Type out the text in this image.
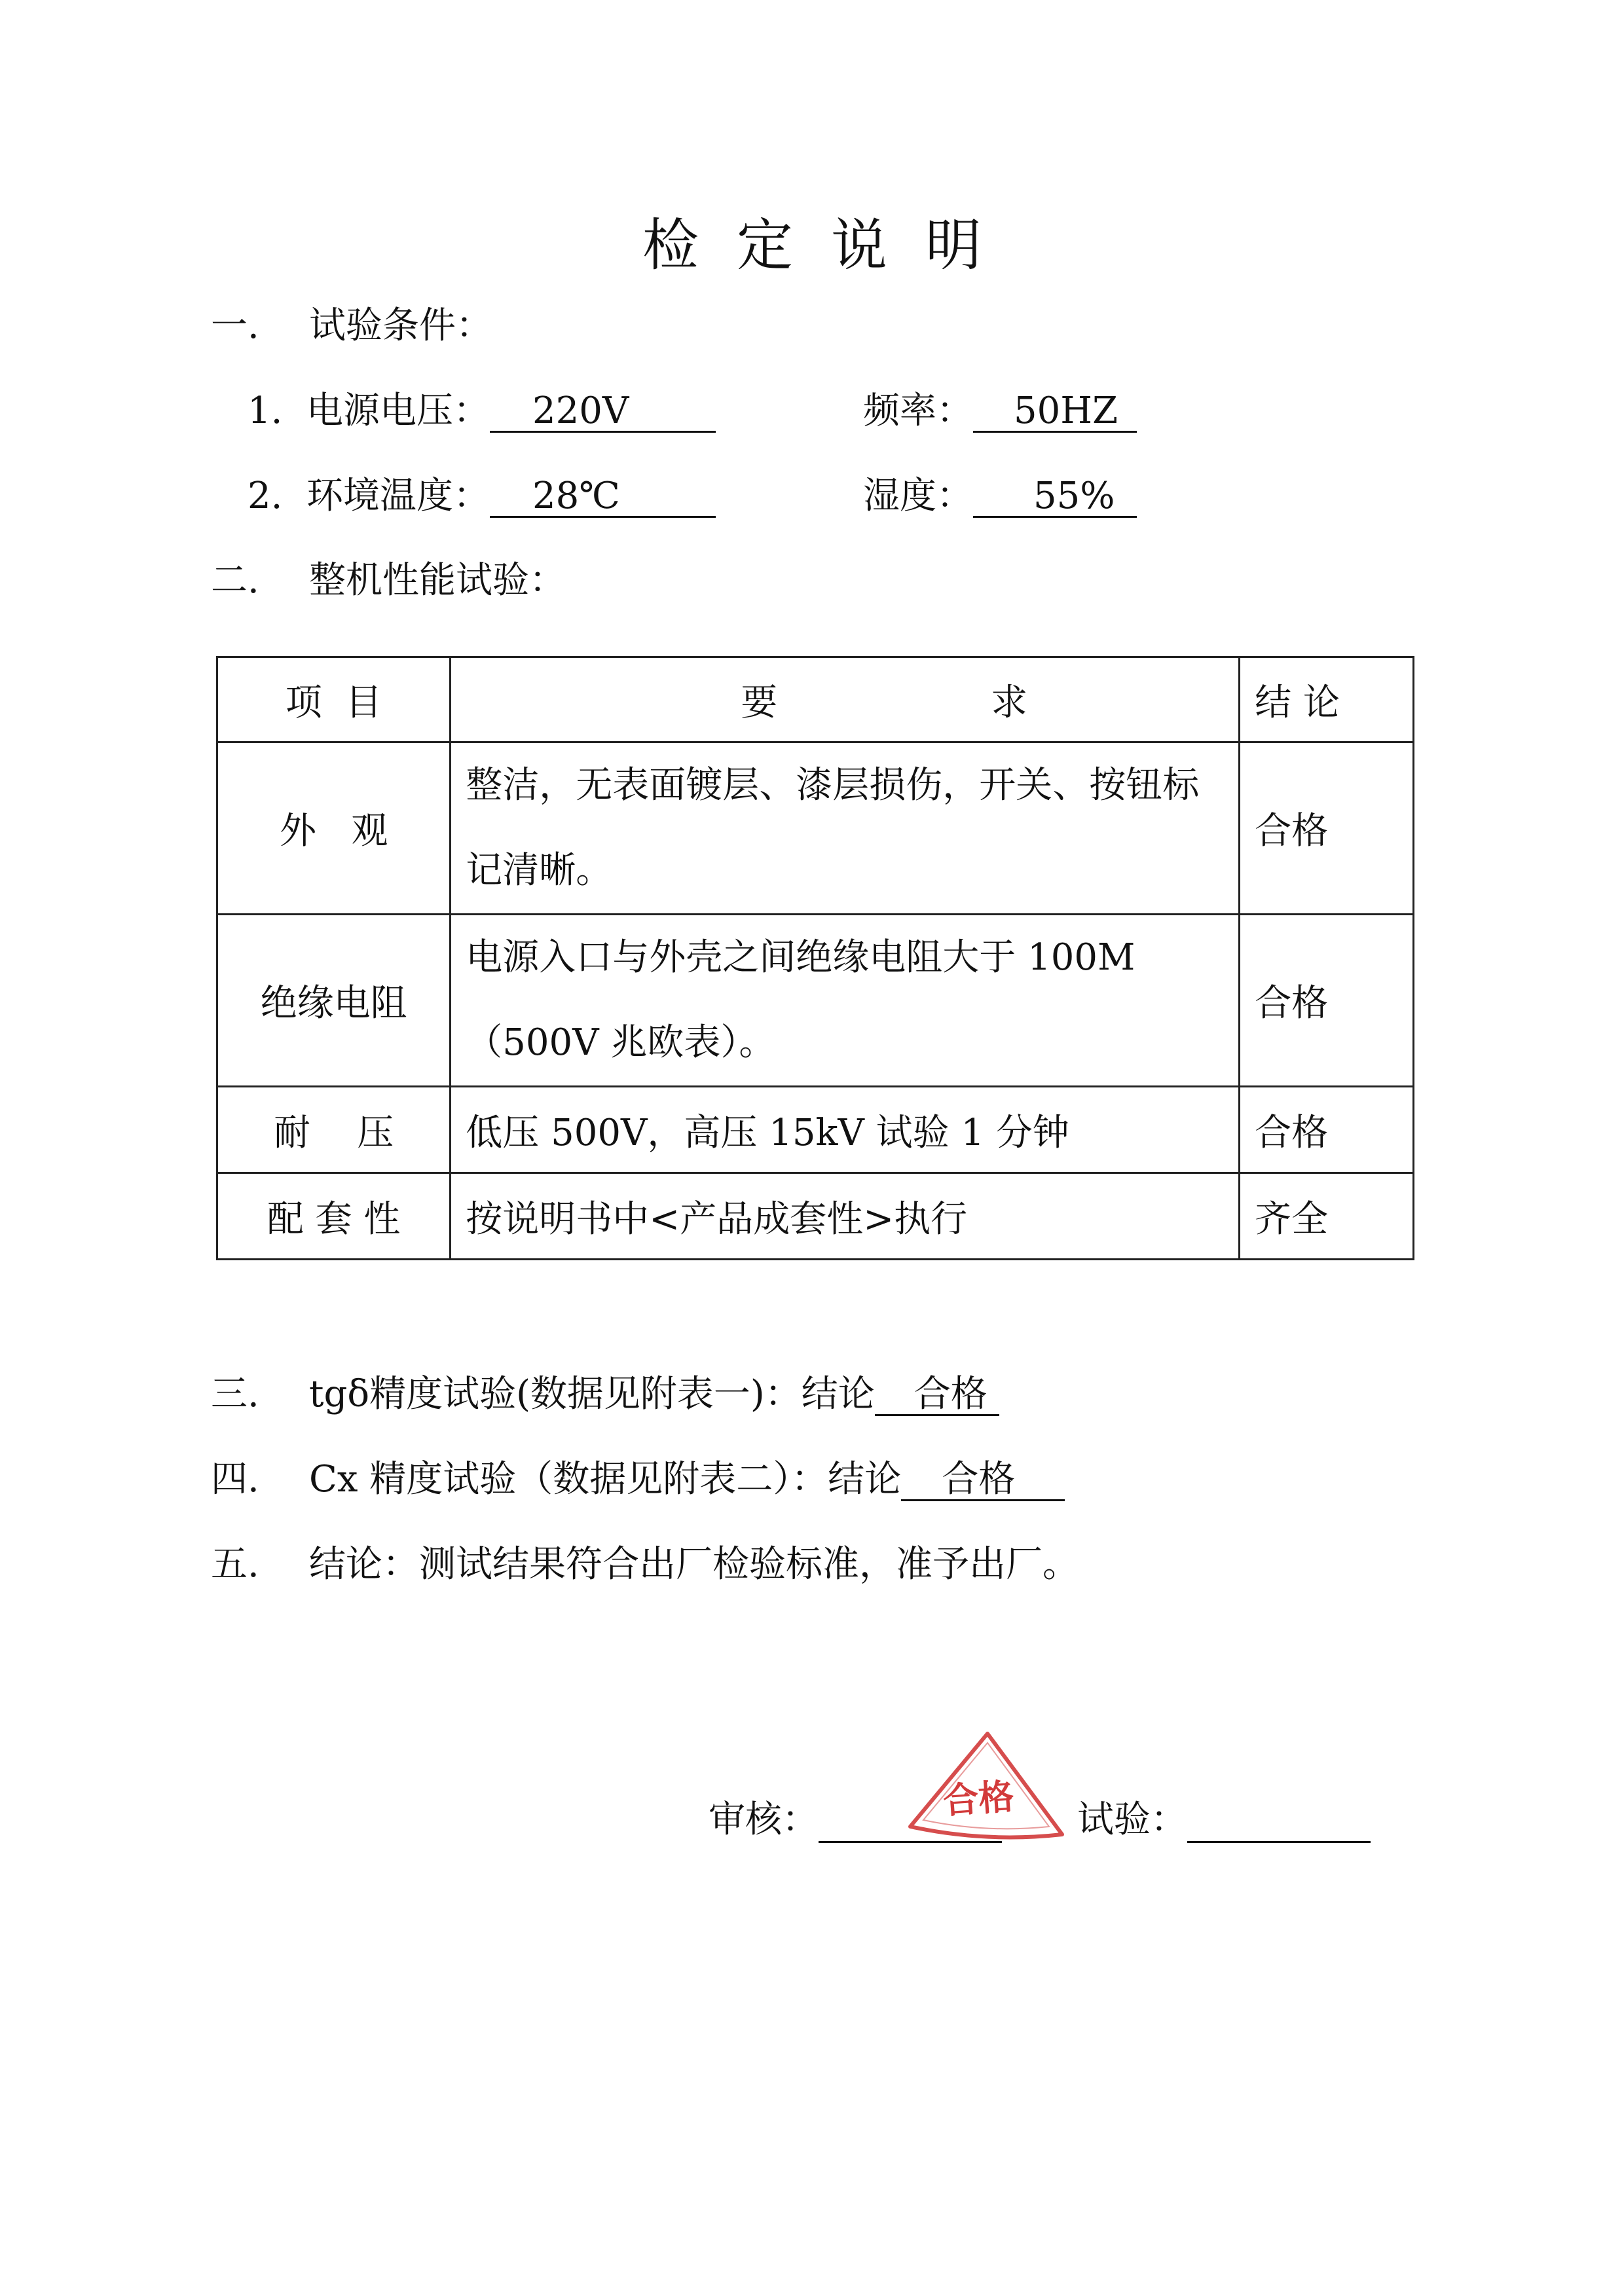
检定说明
一. 试验条件：
1. 电源电压： 220V	频率： 50HZ
2. 环境温度： 28℃	湿度： 55%
二. 整机性能试验：
项  目	要 求	结 论
外   观	整洁，无表面镀层、漆层损伤，开关、按钮标记清晰。	合格
绝缘电阻	电源入口与外壳之间绝缘电阻大于 100M（500V 兆欧表）。	合格
耐    压	低压 500V，高压 15kV 试验 1 分钟	合格
配 套 性	按说明书中<产品成套性>执行	齐全
三. tgδ精度试验(数据见附表一)：结论 合格
四. Cx 精度试验（数据见附表二）：结论 合格
五. 结论：测试结果符合出厂检验标准，准予出厂。
审核：	试验：
合格
